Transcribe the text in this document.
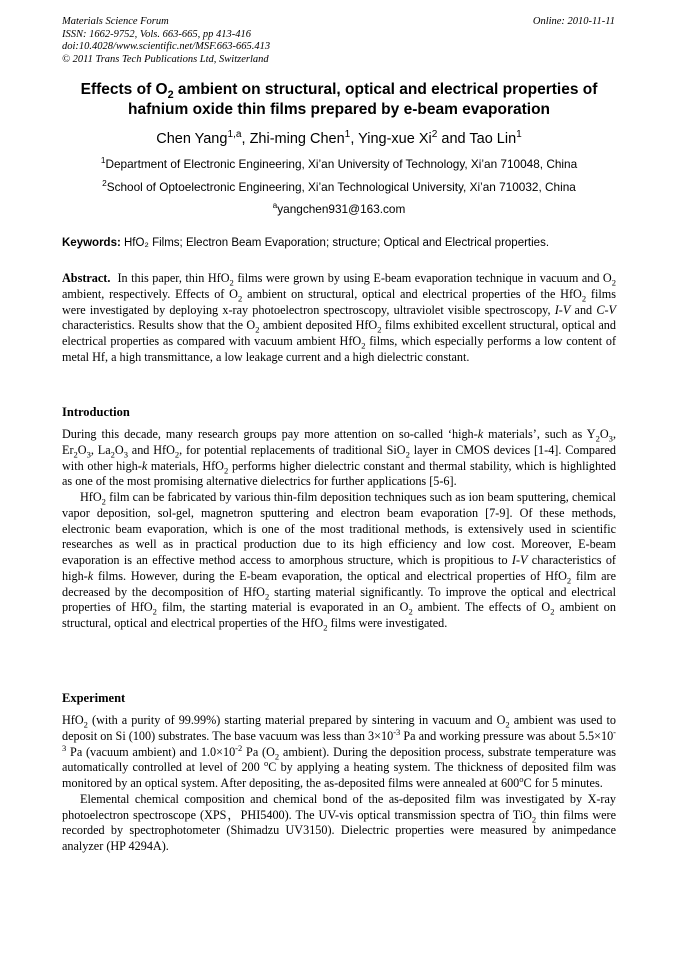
Materials Science Forum
ISSN: 1662-9752, Vols. 663-665, pp 413-416
doi:10.4028/www.scientific.net/MSF.663-665.413
© 2011 Trans Tech Publications Ltd, Switzerland
Online: 2010-11-11
Effects of $O_2$ ambient on structural, optical and electrical properties of hafnium oxide thin films prepared by e-beam evaporation
Chen Yang$^{1,a}$, Zhi-ming Chen$^1$, Ying-xue Xi$^2$ and Tao Lin$^1$
$^1$Department of Electronic Engineering, Xi’an University of Technology, Xi’an 710048, China
$^2$School of Optoelectronic Engineering, Xi’an Technological University, Xi’an 710032, China
$^a$yangchen931@163.com
Keywords: HfO₂ Films; Electron Beam Evaporation; structure; Optical and Electrical properties.

Abstract. In this paper, thin HfO$_2$ films were grown by using E-beam evaporation technique in vacuum and $O_2$ ambient, respectively. Effects of $O_2$ ambient on structural, optical and electrical properties of the HfO$_2$ films were investigated by deploying x-ray photoelectron spectroscopy, ultraviolet visible spectroscopy, I-V and C-V characteristics. Results show that the $O_2$ ambient deposited HfO$_2$ films exhibited excellent structural, optical and electrical properties as compared with vacuum ambient HfO$_2$ films, which especially performs a low content of metal Hf, a high transmittance, a low leakage current and a high dielectric constant.

Introduction

During this decade, many research groups pay more attention on so-called ‘high-k materials’, such as $Y_2O_3$, $Er_2O_3$, $La_2O_3$ and HfO$_2$, for potential replacements of traditional SiO$_2$ layer in CMOS devices [1-4]. Compared with other high-k materials, HfO$_2$ performs higher dielectric constant and thermal stability, which is highlighted as one of the most promising alternative dielectrics for further applications [5-6].

HfO$_2$ film can be fabricated by various thin-film deposition techniques such as ion beam sputtering, chemical vapor deposition, sol-gel, magnetron sputtering and electron beam evaporation [7-9]. Of these methods, electronic beam evaporation, which is one of the most traditional methods, is extensively used in scientific researches as well as in practical production due to its high efficiency and low cost. Moreover, E-beam evaporation is an effective method access to amorphous structure, which is propitious to I-V characteristics of high-k films. However, during the E-beam evaporation, the optical and electrical properties of HfO$_2$ film are decreased by the decomposition of HfO$_2$ starting material significantly. To improve the optical and electrical properties of HfO$_2$ film, the starting material is evaporated in an $O_2$ ambient. The effects of $O_2$ ambient on structural, optical and electrical properties of the HfO$_2$ films were investigated.

Experiment

HfO$_2$ (with a purity of 99.99%) starting material prepared by sintering in vacuum and $O_2$ ambient was used to deposit on Si (100) substrates. The base vacuum was less than $3\times 10^{-3}$ Pa and working pressure was about $5.5\times 10^{-3}$ Pa (vacuum ambient) and $1.0\times 10^{-2}$ Pa ($O_2$ ambient). During the deposition process, substrate temperature was automatically controlled at level of 200 $^o$C by applying a heating system. The thickness of deposited film was monitored by an optical system. After depositing, the as-deposited films were annealed at 600$^o$C for 5 minutes.

Elemental chemical composition and chemical bond of the as-deposited film was investigated by X-ray photoelectron spectroscope (XPS，PHI5400). The UV-vis optical transmission spectra of TiO$_2$ thin films were recorded by spectrophotometer (Shimadzu UV3150). Dielectric properties were measured by animpedance analyzer (HP 4294A).
